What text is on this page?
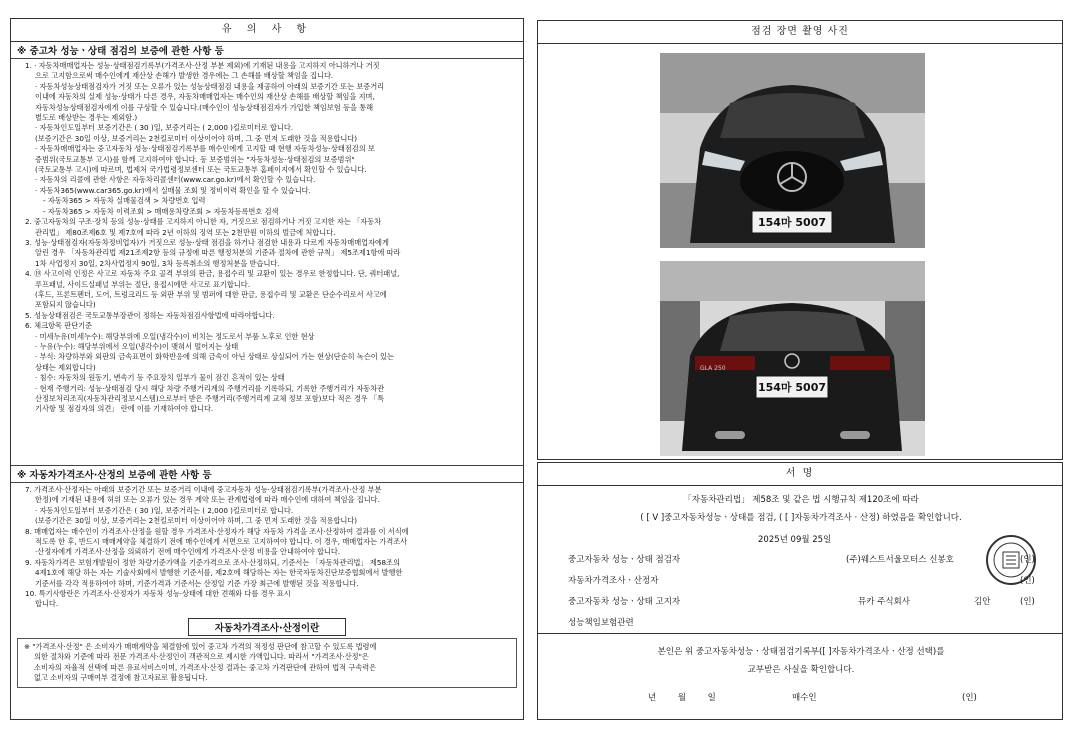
유 의 사 항
※ 중고차 성능ㆍ상태 점검의 보증에 관한 사항 등

1. · 자동차매매업자는 성능·상태점검기록부(가격조사·산정 부분 제외)에 기재된 내용을 고지하지 아니하거나 거짓

으로 고지함으로써 매수인에게 재산상 손해가 발생한 경우에는 그 손해를 배상할 책임을 집니다.

· 자동차성능상태점검자가 거짓 또는 오류가 있는 성능상태점검 내용을 제공하여 아래의 보증기간 또는 보증거리

이내에 자동차의 실제 성능·상태가 다른 경우, 자동차매매업자는 매수인의 재산상 손해를 배상할 책임을 지며,

자동차성능상태점검자에게 이를 구상할 수 있습니다.(매수인이 성능상태점검자가 가입한 책임보험 등을 통해

별도로 배상받는 경우는 제외함.)

· 자동차인도일부터 보증기간은 ( 30 )일, 보증거리는 ( 2,000 )킬로미터로 합니다.

(보증기간은 30일 이상, 보증거리는 2천킬로미터 이상이어야 하며, 그 중 먼저 도래한 것을 적용합니다)

· 자동차매매업자는 중고자동차 성능·상태점검기록부를 매수인에게 고지할 때 현행 자동차성능·상태점검의 보

증범위(국토교통부 고시)를 함께 고지하여야 합니다. 동 보증범위는 "자동차성능·상태점검의 보증범위"

(국토교통부 고시)에 따르며, 법제처 국가법령정보센터 또는 국토교통부 홈페이지에서 확인할 수 있습니다.

· 자동차의 리콜에 관한 사항은 자동차리콜센터(www.car.go.kr)에서 확인할 수 있습니다.

· 자동차365(www.car365.go.kr)에서 실매물 조회 및 정비이력 확인을 할 수 있습니다.

- 자동차365 > 자동차 실매물검색 > 차량번호 입력

- 자동차365 > 자동차 이력조회 > 매매용차량조회 > 자동차등록번호 검색

2. 중고자동차의 구조·장치 등의 성능·상태를 고지하지 아니한 자, 거짓으로 점검하거나 거짓 고지한 자는 「자동차

관리법」 제80조제6호 및 제7호에 따라 2년 이하의 징역 또는 2천만원 이하의 벌금에 처합니다.

3. 성능·상태점검자(자동차정비업자)가 거짓으로 성능·상태 점검을 하거나 점검한 내용과 다르게 자동차매매업자에게

알린 경우 「자동차관리법 제21조제2항 등의 규정에 따른 행정처분의 기준과 절차에 관한 규칙」 제5조제1항에 따라

1차 사업정지 30일, 2차사업정지 90일, 3차 등록취소의 행정처분을 받습니다.

4. ⑲ 사고이력 인정은 사고로 자동차 주요 골격 부위의 판금, 용접수리 및 교환이 있는 경우로 한정합니다. 단, 쿼터패널,

루프패널, 사이드실패널 부위는 절단, 용접시에만 사고로 표기합니다.

(후드, 프론트펜더, 도어, 트렁크리드 등 외판 부위 및 범퍼에 대한 판금, 용접수리 및 교환은 단순수리로서 사고에

포함되지 않습니다)

5. 성능상태점검은 국토교통부장관이 정하는 자동차점검사항법에 따라야합니다.

6. 체크항목 판단기준

· 미세누유(미세누수): 해당부위에 오일(냉각수)이 비치는 정도로서 부품 노후로 인한 현상

· 누유(누수): 해당부위에서 오일(냉각수)이 맺혀서 떨어지는 상태

· 부식: 차량하부와 외판의 금속표면이 화학반응에 의해 금속이 아닌 상태로 상실되어 가는 현상(단순히 녹슨이 있는

상태는 제외합니다)

· 침수: 자동차의 원동기, 변속기 등 주요장치 일부가 물이 잠긴 흔적이 있는 상태

· 현재 주행거리: 성능·상태점검 당시 해당 차량 주행거리계의 주행거리를 기록하되, 기록한 주행거리가 자동차관

산정보처리조직(자동차관리정보시스템)으로부터 받은 주행거리(주행거리계 교체 정보 포함)보다 적은 경우 「특

기사항 및 점검자의 의견」 란에 이를 기재하여야 합니다.

※ 자동차가격조사·산정의 보증에 관한 사항 등

7. 가격조사·산정자는 아래의 보증기간 또는 보증거리 이내에 중고자동차 성능·상태점검기록부(가격조사·산정 부분

한정)에 기재된 내용에 허위 또는 오류가 있는 경우 계약 또는 관계법령에 따라 매수인에 대하여 책임을 집니다.

· 자동차인도일부터 보증기간은 ( 30 )일, 보증거리는 ( 2,000 )킬로미터로 합니다.

(보증기간은 30일 이상, 보증거리는 2천킬로미터 이상이어야 하며, 그 중 먼저 도래한 것을 적용합니다)

8. 매매업자는 매수인이 가격조사·산정을 원할 경우 가격조사·산정자가 해당 자동차 가격을 조사·산정하여 결과를 이 서식에

적도록 한 후, 반드시 매매계약을 체결하기 전에 매수인에게 서면으로 고지하여야 합니다. 이 경우, 매매업자는 가격조사

·산정자에게 가격조사·산정을 의뢰하기 전에 매수인에게 가격조사·산정 비용을 안내하여야 합니다.

9. 자동차가격은 보험개발원이 정한 차량기준가액을 기준가격으로 조사·산정하되, 기준서는 「자동차관리법」 제58조의

4제1호에 해당 하는 자는 기술사회에서 발행한 기준서를, 제2호에 해당하는 자는 한국자동차진단보증협회에서 발행한

기준서를 각각 적용하여야 하며, 기준가격과 기준서는 산정일 기준 가장 최근에 발행된 것을 적용합니다.

10. 특기사항란은 가격조사·산정자가 자동차 성능·상태에 대한 견해와 다를 경우 표시

합니다.

자동차가격조사·산정이란

※ "가격조사·산정" 은 소비자가 매매계약을 체결함에 있어 중고차 가격의 적정성 판단에 참고할 수 있도록 법령에

의한 절차와 기준에 따라 전문 가격조사·산정인이 객관적으로 제시한 가액입니다. 따라서 "가격조사·산정"은

소비자의 자율적 선택에 따른 유료서비스이며, 가격조사·산정 결과는 중고차 가격판단에 관하여 법적 구속력은

없고 소비자의 구매여부 결정에 참고자료로 활용됩니다.

점검 장면 촬영 사진
154마 5007
GLA 250
154마 5007
서 명
「자동차관리법」 제58조 및 같은 법 시행규칙 제120조에 따라
( [ V ]중고자동차성능ㆍ상태를 점검, ( [ ]자동차가격조사 · 산정) 하였음을 확인합니다.
2025년 09월 25일
중고자동차 성능ㆍ상태 점검자	(주)웨스트서울모터스 신봉호	(인)
자동차가격조사ㆍ산정자	(인)
중고자동차 성능ㆍ상태 고지자	뮤카 주식회사	김안	(인)
성능책임보험관련
본인은 위 중고자동차성능ㆍ상태점검기록부([ ]자동차가격조사ㆍ산정 선택)를
교부받은 사실을 확인합니다.
년        월        일	매수인	(인)
